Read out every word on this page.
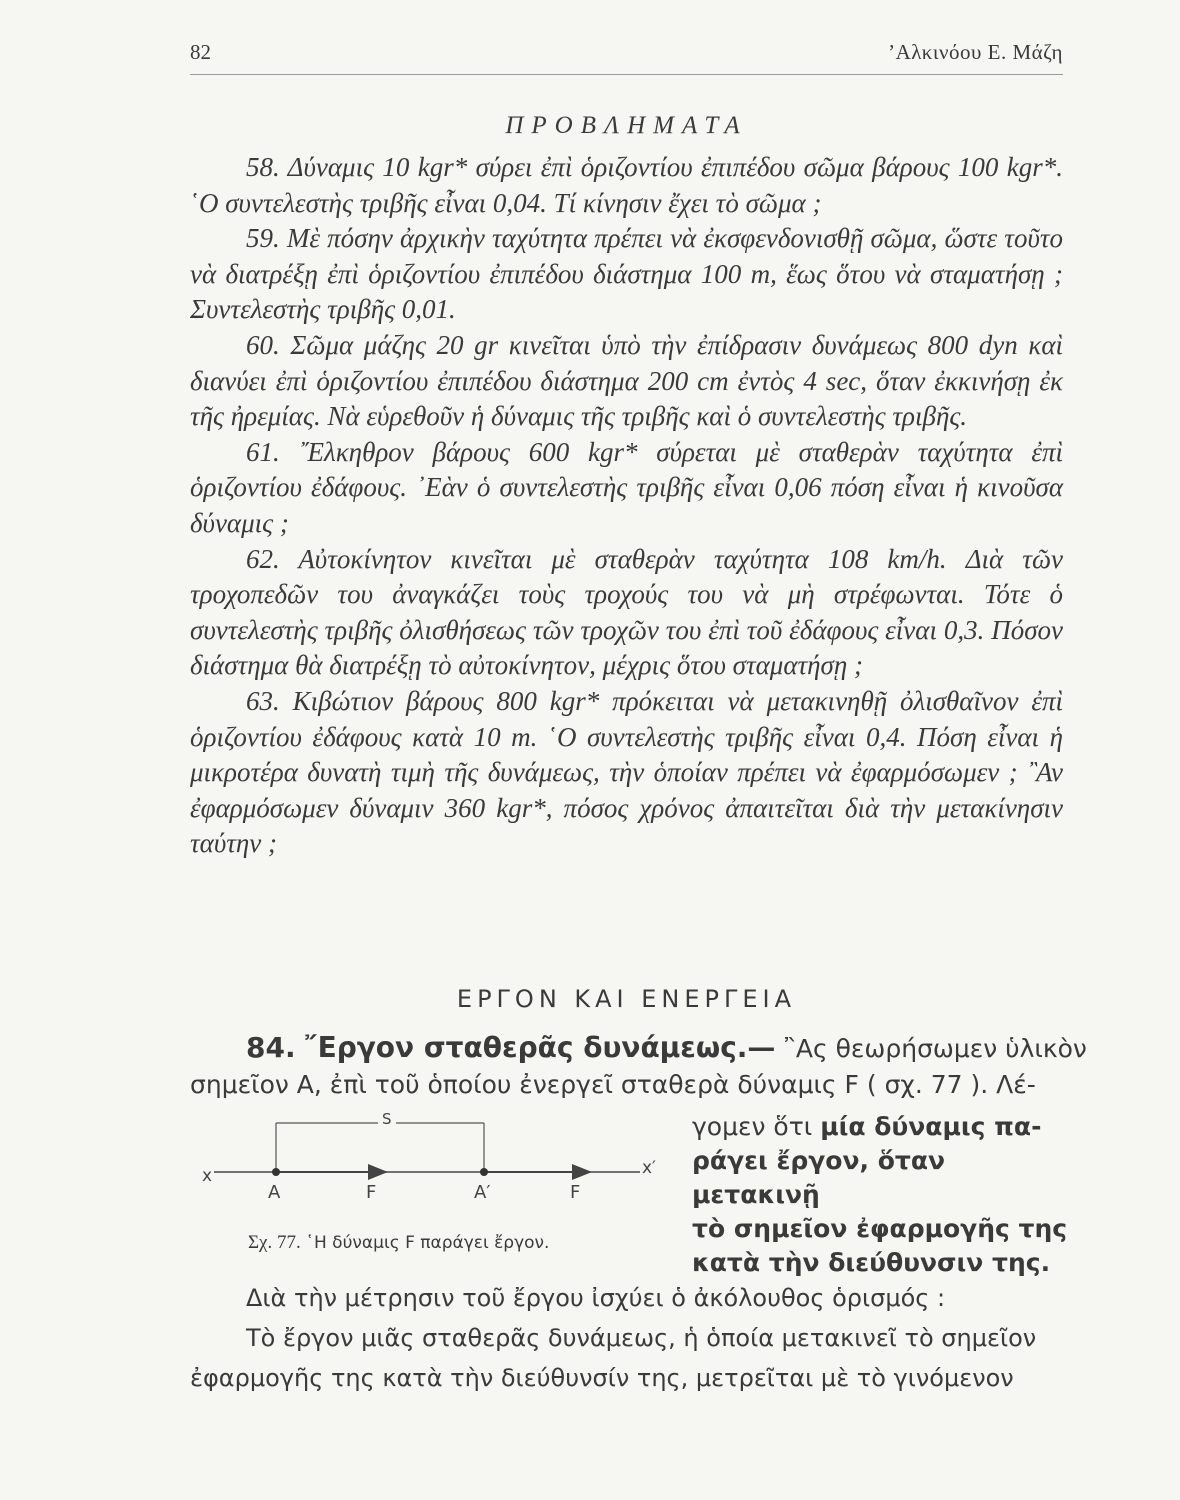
82	’Αλκινόου Ε. Μάζη
ΠΡΟΒΛΗΜΑΤΑ

58. Δύναμις 10 kgr* σύρει ἐπὶ ὁριζοντίου ἐπιπέδου σῶμα βάρους 100 kgr*. ῾Ο συντελεστὴς τριβῆς εἶναι 0,04. Τί κίνησιν ἔχει τὸ σῶμα ;

59. Μὲ πόσην ἀρχικὴν ταχύτητα πρέπει νὰ ἐκσφενδονισθῇ σῶμα, ὥστε τοῦτο νὰ διατρέξῃ ἐπὶ ὁριζοντίου ἐπιπέδου διάστημα 100 m, ἕως ὅτου νὰ σταματήσῃ ; Συντελεστὴς τριβῆς 0,01.

60. Σῶμα μάζης 20 gr κινεῖται ὑπὸ τὴν ἐπίδρασιν δυνάμεως 800 dyn καὶ διανύει ἐπὶ ὁριζοντίου ἐπιπέδου διάστημα 200 cm ἐντὸς 4 sec, ὅταν ἐκκινήσῃ ἐκ τῆς ἠρεμίας. Νὰ εὑρεθοῦν ἡ δύναμις τῆς τριβῆς καὶ ὁ συντελεστὴς τριβῆς.

61. ῎Ελκηθρον βάρους 600 kgr* σύρεται μὲ σταθερὰν ταχύτητα ἐπὶ ὁριζοντίου ἐδάφους. ᾿Εὰν ὁ συντελεστὴς τριβῆς εἶναι 0,06 πόση εἶναι ἡ κινοῦσα δύναμις ;

62. Αὐτοκίνητον κινεῖται μὲ σταθερὰν ταχύτητα 108 km/h. Διὰ τῶν τροχοπεδῶν του ἀναγκάζει τοὺς τροχούς του νὰ μὴ στρέφωνται. Τότε ὁ συντελεστὴς τριβῆς ὀλισθήσεως τῶν τροχῶν του ἐπὶ τοῦ ἐδάφους εἶναι 0,3. Πόσον διάστημα θὰ διατρέξῃ τὸ αὐτοκίνητον, μέχρις ὅτου σταματήσῃ ;

63. Κιβώτιον βάρους 800 kgr* πρόκειται νὰ μετακινηθῇ ὀλισθαῖνον ἐπὶ ὁριζοντίου ἐδάφους κατὰ 10 m. ῾Ο συντελεστὴς τριβῆς εἶναι 0,4. Πόση εἶναι ἡ μικροτέρα δυνατὴ τιμὴ τῆς δυνάμεως, τὴν ὁποίαν πρέπει νὰ ἐφαρμόσωμεν ; ῍Αν ἐφαρμόσωμεν δύναμιν 360 kgr*, πόσος χρόνος ἀπαιτεῖται διὰ τὴν μετακίνησιν ταύτην ;

ΕΡΓΟΝ ΚΑΙ ΕΝΕΡΓΕΙΑ
84. ῎Εργον σταθερᾶς δυνάμεως.— ῍Ας θεωρήσωμεν ὑλικὸν
σημεῖον A, ἐπὶ τοῦ ὁποίου ἐνεργεῖ σταθερὰ δύναμις F ( σχ. 77 ). Λέ-
S
x	x′
A	F	A′	F
Σχ. 77. ῾Η δύναμις F παράγει ἔργον.
γομεν ὅτι μία δύναμις πα-
ράγει ἔργον, ὅταν μετακινῇ
τὸ σημεῖον ἐφαρμογῆς της
κατὰ τὴν διεύθυνσιν της.

Διὰ τὴν μέτρησιν τοῦ ἔργου ἰσχύει ὁ ἀκόλουθος ὁρισμός :

Τὸ ἔργον μιᾶς σταθερᾶς δυνάμεως, ἡ ὁποία μετακινεῖ τὸ σημεῖον

ἐφαρμογῆς της κατὰ τὴν διεύθυνσίν της, μετρεῖται μὲ τὸ γινόμενον
